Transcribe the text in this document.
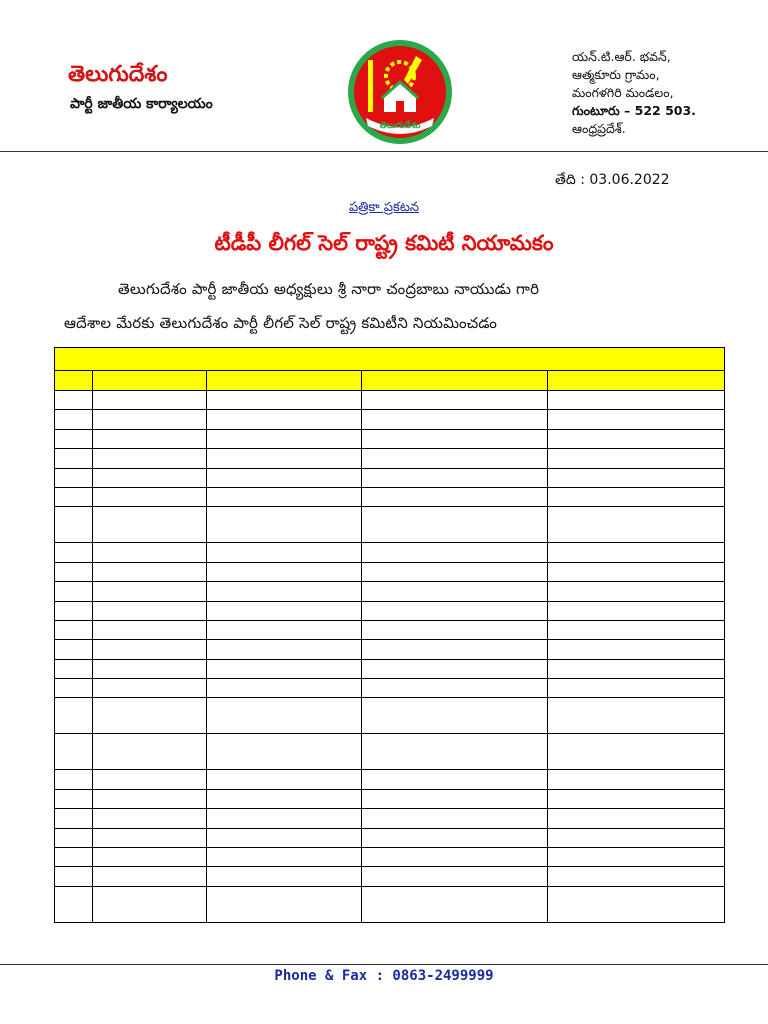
తెలుగుదేశం
పార్టీ జాతీయ కార్యాలయం
తెలుగుదేశం
యన్.టి.ఆర్. భవన్,
ఆత్మకూరు గ్రామం,
మంగళగిరి మండలం,
గుంటూరు – 522 503.
ఆంధ్రప్రదేశ్.
తేది : 03.06.2022
పత్రికా ప్రకటన
టీడీపీ లీగల్ సెల్ రాష్ట్ర కమిటీ నియామకం
తెలుగుదేశం పార్టీ జాతీయ అధ్యక్షులు శ్రీ నారా చంద్రబాబు నాయుడు గారి
ఆదేశాల మేరకు తెలుగుదేశం పార్టీ లీగల్ సెల్ రాష్ట్ర కమిటీని నియమించడం

Phone & Fax : 0863-2499999
